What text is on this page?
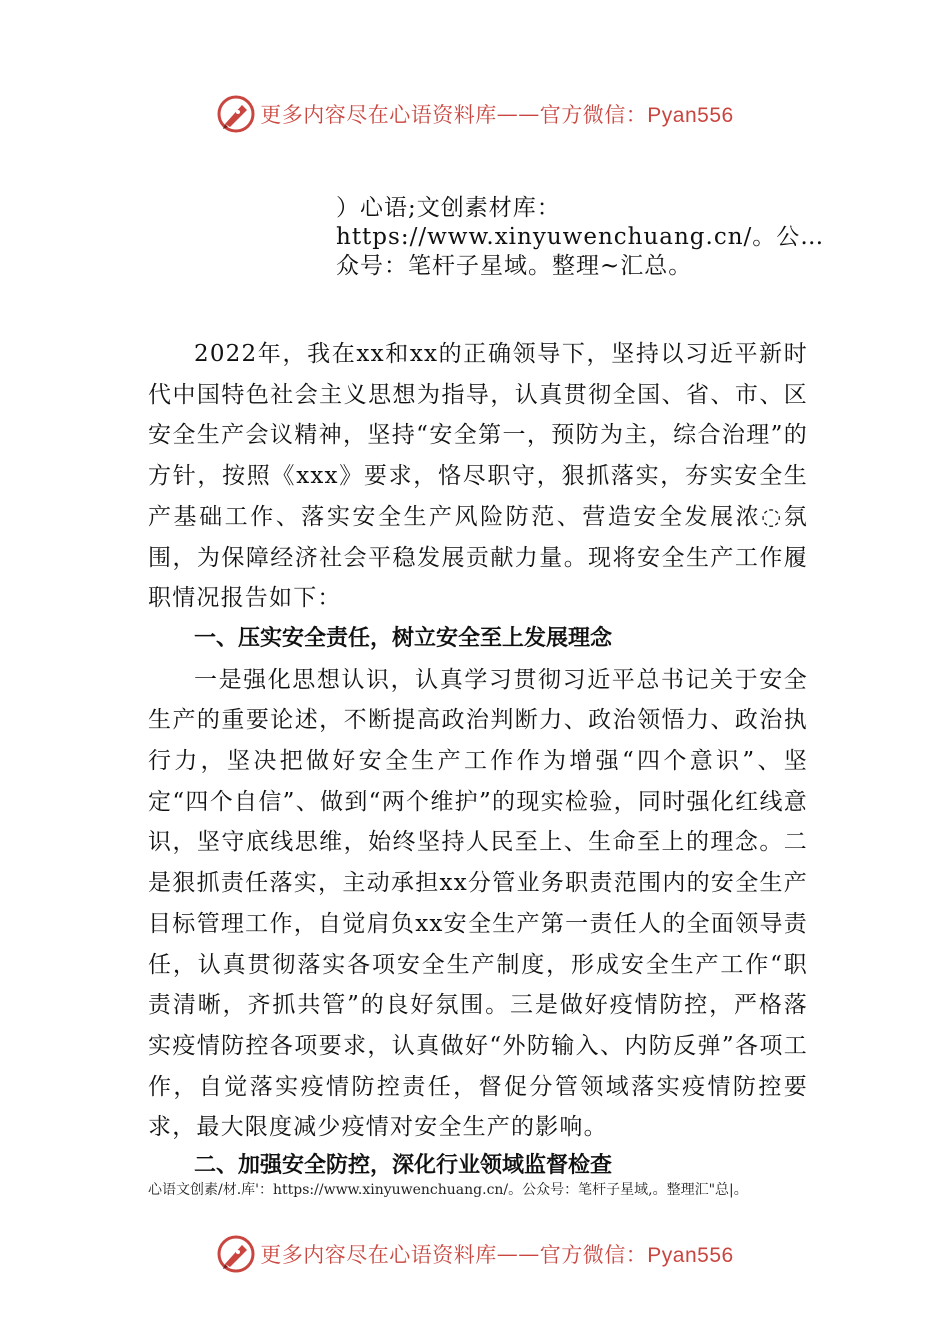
更多内容尽在心语资料库 —— 官方微信：Pyan556
）心语;文创素材库：https://www.xinyuwenchuang.cn/。公…众号：笔杆子星域。整理~汇总。

2022年，我在xx和xx的正确领导下，坚持以习近平新时代中国特色社会主义思想为指导，认真贯彻全国、省、市、区安全生产会议精神，坚持“安全第一，预防为主，综合治理”的方针，按照《xxx》要求，恪尽职守，狠抓落实，夯实安全生产基础工作、落实安全生产风险防范、营造安全发展浓◌氛围，为保障经济社会平稳发展贡献力量。现将安全生产工作履职情况报告如下：

一、压实安全责任，树立安全至上发展理念

一是强化思想认识，认真学习贯彻习近平总书记关于安全生产的重要论述，不断提高政治判断力、政治领悟力、政治执行力，坚决把做好安全生产工作作为增强“四个意识”、坚定“四个自信”、做到“两个维护”的现实检验，同时强化红线意识，坚守底线思维，始终坚持人民至上、生命至上的理念。二是狠抓责任落实，主动承担xx分管业务职责范围内的安全生产目标管理工作，自觉肩负xx安全生产第一责任人的全面领导责任，认真贯彻落实各项安全生产制度，形成安全生产工作“职责清晰，齐抓共管”的良好氛围。三是做好疫情防控，严格落实疫情防控各项要求，认真做好“外防输入、内防反弹”各项工作，自觉落实疫情防控责任，督促分管领域落实疫情防控要求，最大限度减少疫情对安全生产的影响。

二、加强安全防控，深化行业领域监督检查

心语文创素/材.库'：https://www.xinyuwenchuang.cn/。公众号：笔杆子星域,。整理汇"总|。
更多内容尽在心语资料库 —— 官方微信：Pyan556
